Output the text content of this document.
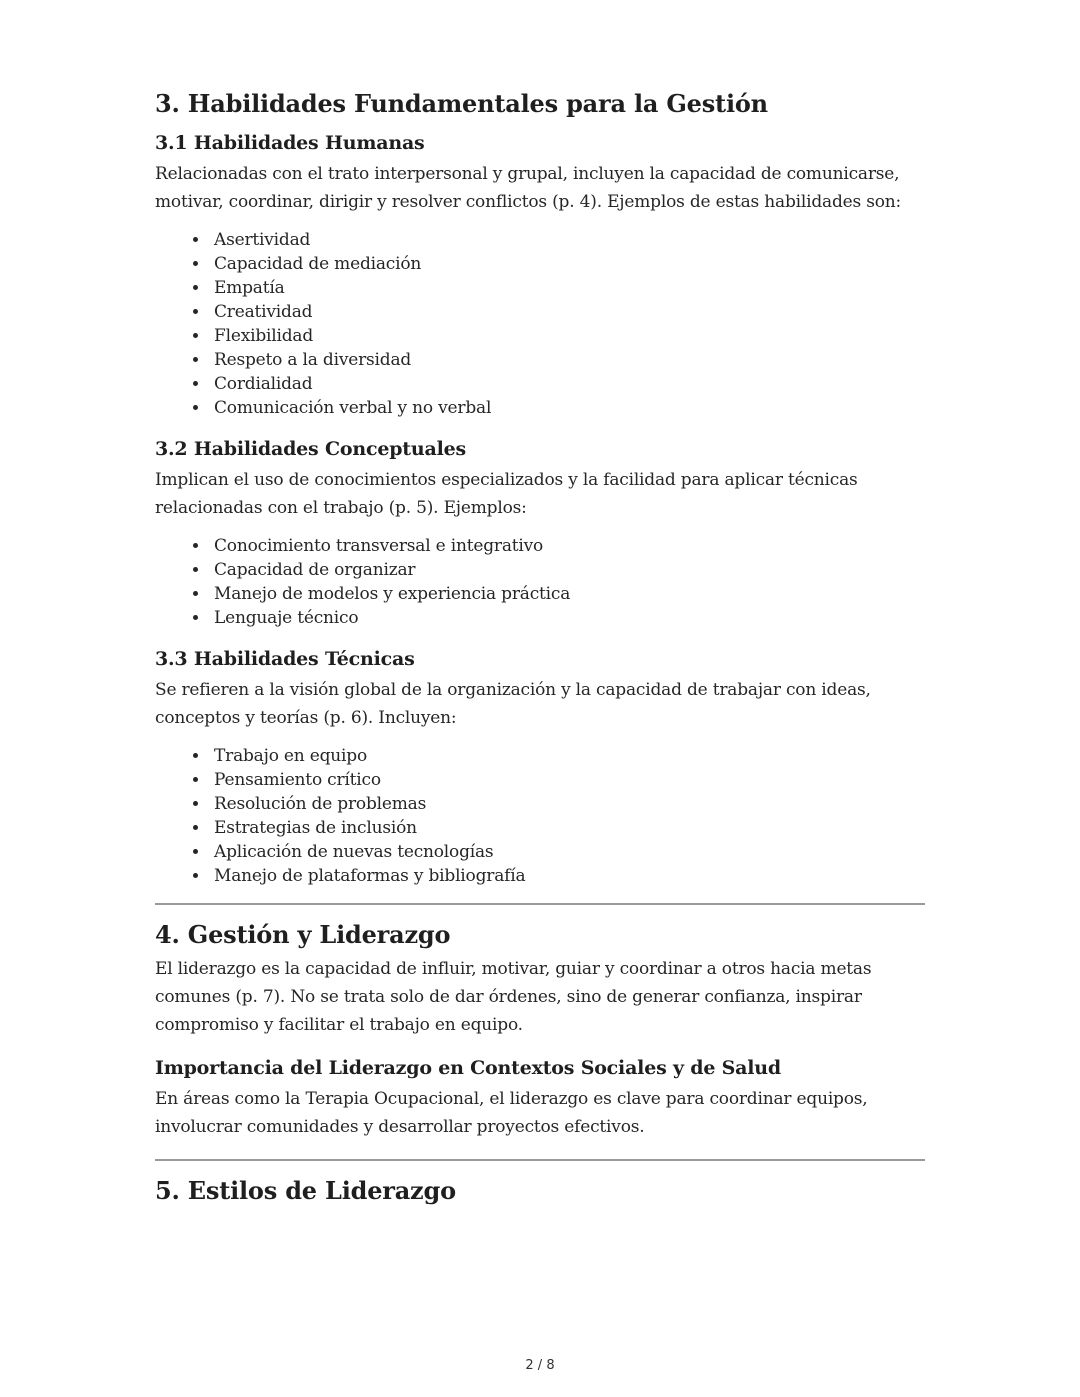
3. Habilidades Fundamentales para la Gestión
3.1 Habilidades Humanas

Relacionadas con el trato interpersonal y grupal, incluyen la capacidad de comunicarse, motivar, coordinar, dirigir y resolver conflictos (p. 4). Ejemplos de estas habilidades son:

• Asertividad
• Capacidad de mediación
• Empatía
• Creatividad
• Flexibilidad
• Respeto a la diversidad
• Cordialidad
• Comunicación verbal y no verbal
3.2 Habilidades Conceptuales

Implican el uso de conocimientos especializados y la facilidad para aplicar técnicas relacionadas con el trabajo (p. 5). Ejemplos:

• Conocimiento transversal e integrativo
• Capacidad de organizar
• Manejo de modelos y experiencia práctica
• Lenguaje técnico
3.3 Habilidades Técnicas

Se refieren a la visión global de la organización y la capacidad de trabajar con ideas, conceptos y teorías (p. 6). Incluyen:

• Trabajo en equipo
• Pensamiento crítico
• Resolución de problemas
• Estrategias de inclusión
• Aplicación de nuevas tecnologías
• Manejo de plataformas y bibliografía
4. Gestión y Liderazgo

El liderazgo es la capacidad de influir, motivar, guiar y coordinar a otros hacia metas comunes (p. 7). No se trata solo de dar órdenes, sino de generar confianza, inspirar compromiso y facilitar el trabajo en equipo.

Importancia del Liderazgo en Contextos Sociales y de Salud

En áreas como la Terapia Ocupacional, el liderazgo es clave para coordinar equipos, involucrar comunidades y desarrollar proyectos efectivos.

5. Estilos de Liderazgo
2 / 8
